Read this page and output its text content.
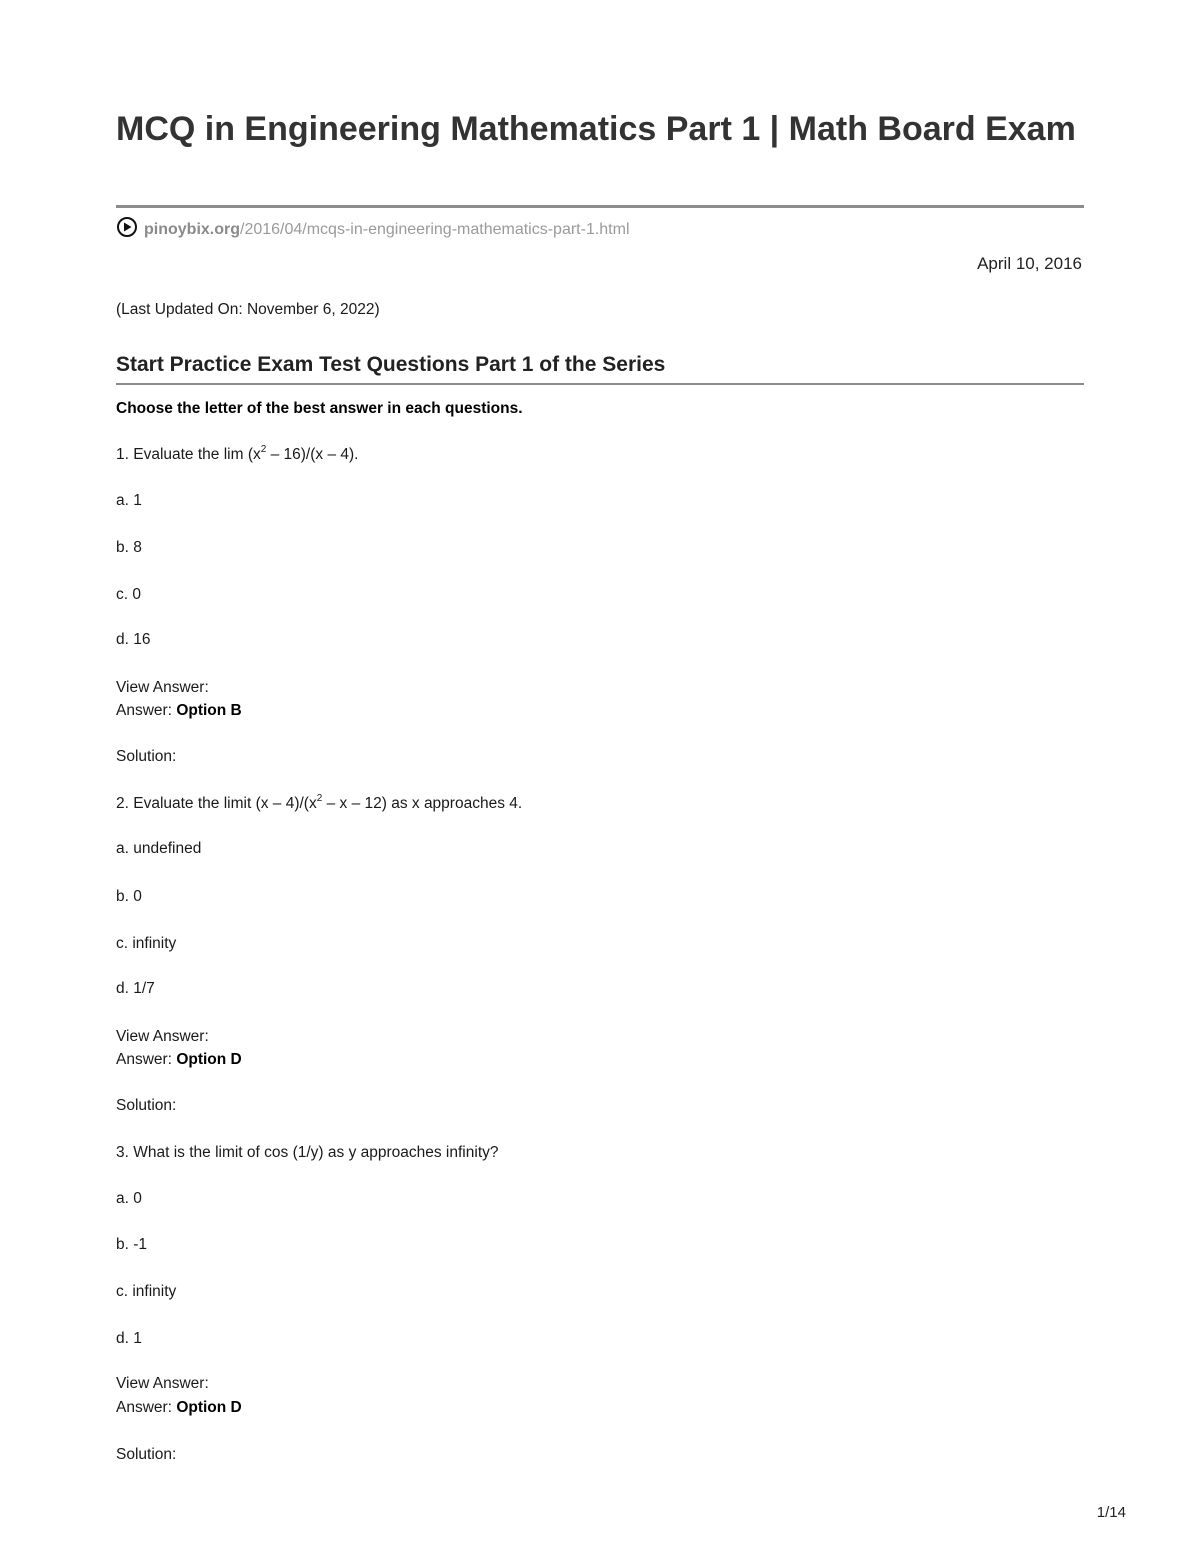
MCQ in Engineering Mathematics Part 1 | Math Board Exam
pinoybix.org/2016/04/mcqs-in-engineering-mathematics-part-1.html
April 10, 2016
(Last Updated On: November 6, 2022)
Start Practice Exam Test Questions Part 1 of the Series
Choose the letter of the best answer in each questions.
1. Evaluate the $\lim (x^2 - 16)/(x - 4)$.
a. 1
b. 8
c. 0
d. 16
View Answer:
Answer: Option B
Solution:
2. Evaluate the limit $(x - 4)/(x^2$ – x – 12) as x approaches 4.
a. undefined
b. 0
c. infinity
d. 1/7
View Answer:
Answer: Option D
Solution:
3. What is the limit of cos (1/y) as y approaches infinity?
a. 0
b. -1
c. infinity
d. 1
View Answer:
Answer: Option D
Solution:
1/14
